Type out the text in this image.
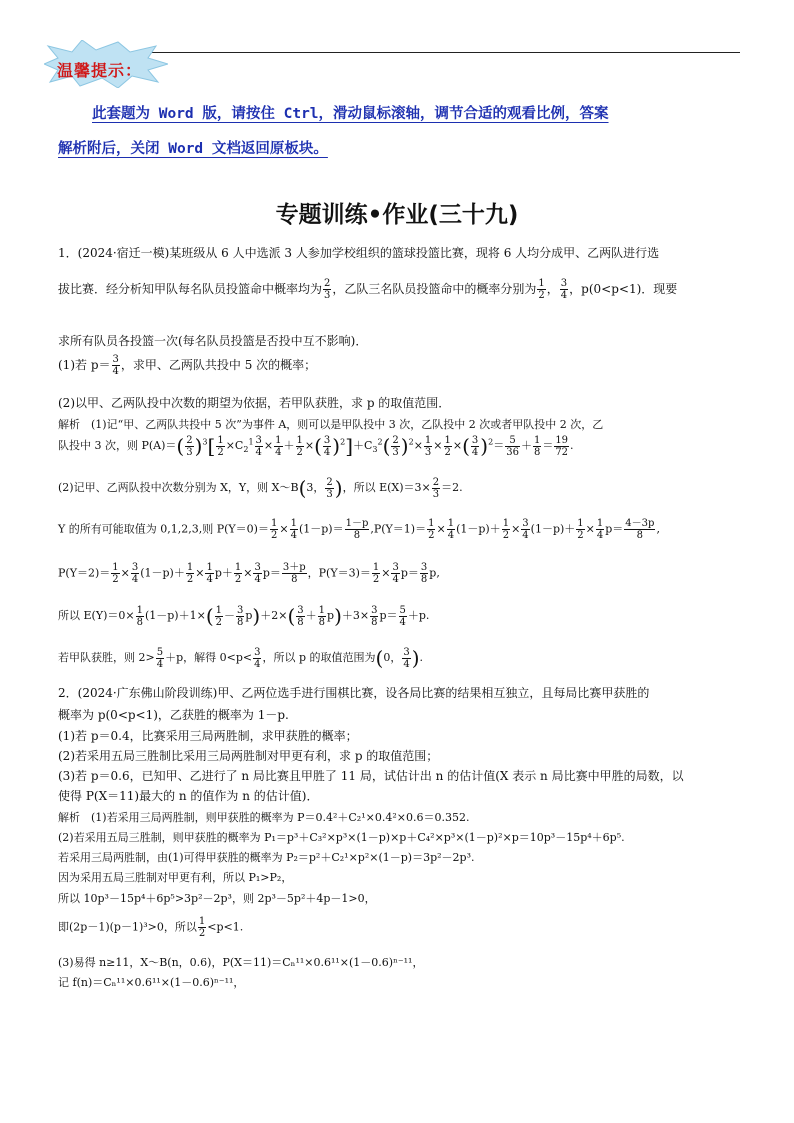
温馨提示：
此套题为 Word 版，请按住 Ctrl，滑动鼠标滚轴，调节合适的观看比例，答案
解析附后，关闭 Word 文档返回原板块。
专题训练•作业(三十九)
1．(2024·宿迁一模)某班级从 6 人中选派 3 人参加学校组织的篮球投篮比赛，现将 6 人均分成甲、乙两队进行选
拔比赛．经分析知甲队每名队员投篮命中概率均为 $\frac{2}{3}$ ，乙队三名队员投篮命中的概率分别为 $\frac{1}{2}$ ， $\frac{3}{4}$ ，p(0<p<1)．现要
求所有队员各投篮一次(每名队员投篮是否投中互不影响)．
(1)若 $p= \frac{3}{4}$ ，求甲、乙两队共投中 5 次的概率；
(2)以甲、乙两队投中次数的期望为依据，若甲队获胜，求 p 的取值范围．
解析　(1)记“甲、乙两队共投中 5 次”为事件 A，则可以是甲队投中 3 次，乙队投中 2 次或者甲队投中 2 次，乙
队投中 3 次，则 $P(A)=( \frac{2}{3} )^3[ \frac{1}{2} \times C_2^1 \frac{3}{4} \times \frac{1}{4} + \frac{1}{2}$ ×( $\frac{3}{4} )^2]+C_3^2( \frac{2}{3} )^2\times \frac{1}{3} \times \frac{1}{2}$ ×( $\frac{3}{4} )^2= \frac{5}{36} + \frac{1}{8} = \frac{19}{72}$ .
(2)记甲、乙两队投中次数分别为 X，Y，则 X～B(3， $\frac{2}{3}$ )，所以 $E(X)=3\times \frac{2}{3} =2$.
Y 的所有可能取值为 0,1,2,3,则 $P(Y=0)= \frac{1}{2} \times \frac{1}{4} (1-p)= \frac{1-p}{8} ,P(Y=1)= \frac{1}{2} \times \frac{1}{4} (1-p)+ \frac{1}{2} \times \frac{3}{4} (1-p)+ \frac{1}{2} \times \frac{1}{4} p= \frac{4-3p}{8}$ ,
$P(Y=2)= \frac{1}{2} \times \frac{3}{4} (1-p)+ \frac{1}{2} \times \frac{1}{4} p+ \frac{1}{2} \times \frac{3}{4} p= \frac{3+p}{8}$ ，$P(Y=3)= \frac{1}{2} \times \frac{3}{4} p= \frac{3}{8} p$,
所以 $E(Y)=0\times \frac{1}{8} (1-p)+1\times( \frac{1}{2} - \frac{3}{8} p)+2\times( \frac{3}{8} + \frac{1}{8} p)+3\times \frac{3}{8} p= \frac{5}{4} +p$.
若甲队获胜，则 $2> \frac{5}{4} +p$，解得 $0<p< \frac{3}{4}$ ，所以 p 的取值范围为(0， $\frac{3}{4}$ ).
2．(2024·广东佛山阶段训练)甲、乙两位选手进行围棋比赛，设各局比赛的结果相互独立，且每局比赛甲获胜的
概率为 p(0<p<1)，乙获胜的概率为 1－p.
(1)若 p＝0.4，比赛采用三局两胜制，求甲获胜的概率；
(2)若采用五局三胜制比采用三局两胜制对甲更有利，求 p 的取值范围；
(3)若 p＝0.6，已知甲、乙进行了 n 局比赛且甲胜了 11 局，试估计出 n 的估计值(X 表示 n 局比赛中甲胜的局数，以
使得 P(X＝11)最大的 n 的值作为 n 的估计值)．
解析　(1)若采用三局两胜制，则甲获胜的概率为 P＝0.4²＋C₂¹×0.4²×0.6＝0.352.
(2)若采用五局三胜制，则甲获胜的概率为 P₁＝p³＋C₃²×p³×(1－p)×p＋C₄²×p³×(1－p)²×p＝10p³－15p⁴＋6p⁵.
若采用三局两胜制，由(1)可得甲获胜的概率为 P₂＝p²＋C₂¹×p²×(1－p)＝3p²－2p³.
因为采用五局三胜制对甲更有利，所以 P₁>P₂，
所以 10p³－15p⁴＋6p⁵>3p²－2p³，则 2p³－5p²＋4p－1>0，
即(2p－1)(p－1)³>0，所以 $\frac{1}{2} <p<1$.
(3)易得 n≥11，X～B(n，0.6)，P(X＝11)＝Cₙ¹¹×0.6¹¹×(1－0.6)ⁿ⁻¹¹，
记 f(n)＝Cₙ¹¹×0.6¹¹×(1－0.6)ⁿ⁻¹¹，
